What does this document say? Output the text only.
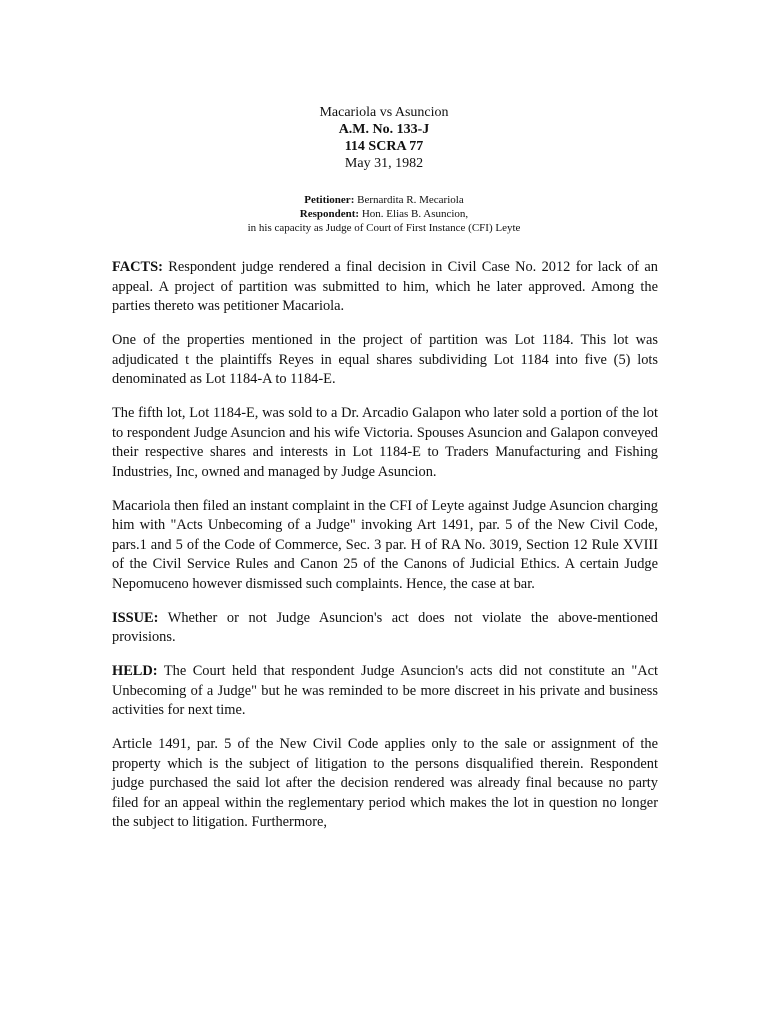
Macariola vs Asuncion
A.M. No. 133-J
114 SCRA 77
May 31, 1982
Petitioner: Bernardita R. Mecariola
Respondent: Hon. Elias B. Asuncion,
in his capacity as Judge of Court of First Instance (CFI) Leyte

FACTS: Respondent judge rendered a final decision in Civil Case No. 2012 for lack of an appeal. A project of partition was submitted to him, which he later approved. Among the parties thereto was petitioner Macariola.

One of the properties mentioned in the project of partition was Lot 1184. This lot was adjudicated t the plaintiffs Reyes in equal shares subdividing Lot 1184 into five (5) lots denominated as Lot 1184-A to 1184-E.

The fifth lot, Lot 1184-E, was sold to a Dr. Arcadio Galapon who later sold a portion of the lot to respondent Judge Asuncion and his wife Victoria. Spouses Asuncion and Galapon conveyed their respective shares and interests in Lot 1184-E to Traders Manufacturing and Fishing Industries, Inc, owned and managed by Judge Asuncion.

Macariola then filed an instant complaint in the CFI of Leyte against Judge Asuncion charging him with "Acts Unbecoming of a Judge" invoking Art 1491, par. 5 of the New Civil Code, pars.1 and 5 of the Code of Commerce, Sec. 3 par. H of RA No. 3019, Section 12 Rule XVIII of the Civil Service Rules and Canon 25 of the Canons of Judicial Ethics. A certain Judge Nepomuceno however dismissed such complaints. Hence, the case at bar.

ISSUE: Whether or not Judge Asuncion's act does not violate the above-mentioned provisions.

HELD: The Court held that respondent Judge Asuncion's acts did not constitute an "Act Unbecoming of a Judge" but he was reminded to be more discreet in his private and business activities for next time.

Article 1491, par. 5 of the New Civil Code applies only to the sale or assignment of the property which is the subject of litigation to the persons disqualified therein. Respondent judge purchased the said lot after the decision rendered was already final because no party filed for an appeal within the reglementary period which makes the lot in question no longer the subject to litigation. Furthermore,
